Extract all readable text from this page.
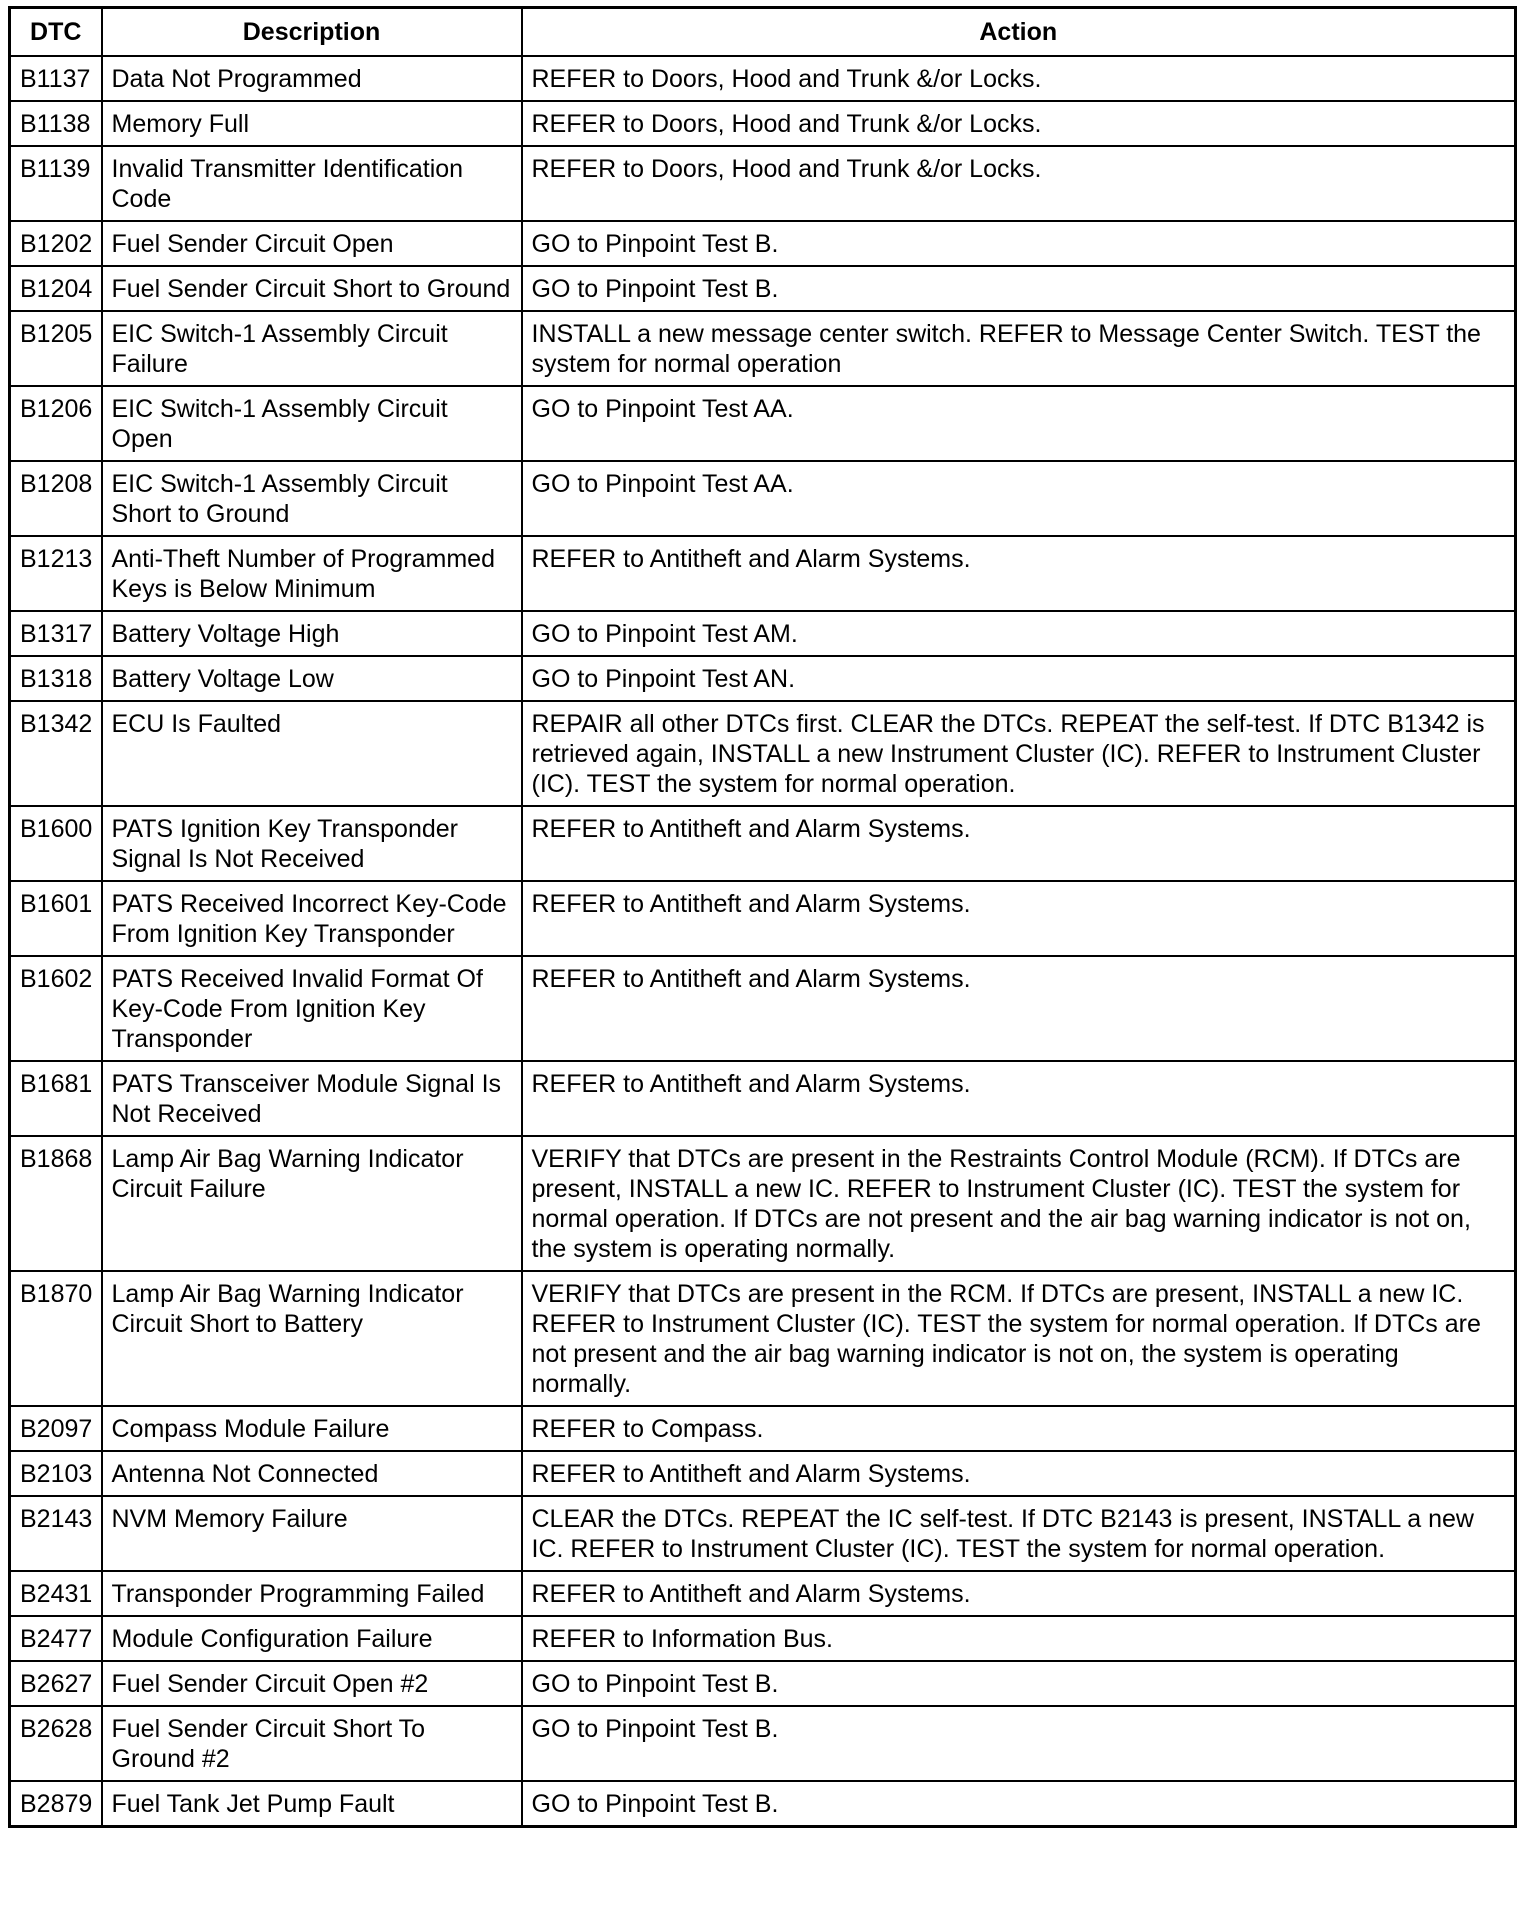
DTC	Description	Action
B1137	Data Not Programmed	REFER to Doors, Hood and Trunk &/or Locks.
B1138	Memory Full	REFER to Doors, Hood and Trunk &/or Locks.
B1139	Invalid Transmitter Identification Code	REFER to Doors, Hood and Trunk &/or Locks.
B1202	Fuel Sender Circuit Open	GO to Pinpoint Test B.
B1204	Fuel Sender Circuit Short to Ground	GO to Pinpoint Test B.
B1205	EIC Switch-1 Assembly Circuit Failure	INSTALL a new message center switch. REFER to Message Center Switch. TEST the system for normal operation
B1206	EIC Switch-1 Assembly Circuit Open	GO to Pinpoint Test AA.
B1208	EIC Switch-1 Assembly Circuit Short to Ground	GO to Pinpoint Test AA.
B1213	Anti-Theft Number of Programmed Keys is Below Minimum	REFER to Antitheft and Alarm Systems.
B1317	Battery Voltage High	GO to Pinpoint Test AM.
B1318	Battery Voltage Low	GO to Pinpoint Test AN.
B1342	ECU Is Faulted	REPAIR all other DTCs first. CLEAR the DTCs. REPEAT the self-test. If DTC B1342 is retrieved again, INSTALL a new Instrument Cluster (IC). REFER to Instrument Cluster (IC). TEST the system for normal operation.
B1600	PATS Ignition Key Transponder Signal Is Not Received	REFER to Antitheft and Alarm Systems.
B1601	PATS Received Incorrect Key-Code From Ignition Key Transponder	REFER to Antitheft and Alarm Systems.
B1602	PATS Received Invalid Format Of Key-Code From Ignition Key Transponder	REFER to Antitheft and Alarm Systems.
B1681	PATS Transceiver Module Signal Is Not Received	REFER to Antitheft and Alarm Systems.
B1868	Lamp Air Bag Warning Indicator Circuit Failure	VERIFY that DTCs are present in the Restraints Control Module (RCM). If DTCs are present, INSTALL a new IC. REFER to Instrument Cluster (IC). TEST the system for normal operation. If DTCs are not present and the air bag warning indicator is not on, the system is operating normally.
B1870	Lamp Air Bag Warning Indicator Circuit Short to Battery	VERIFY that DTCs are present in the RCM. If DTCs are present, INSTALL a new IC. REFER to Instrument Cluster (IC). TEST the system for normal operation. If DTCs are not present and the air bag warning indicator is not on, the system is operating normally.
B2097	Compass Module Failure	REFER to Compass.
B2103	Antenna Not Connected	REFER to Antitheft and Alarm Systems.
B2143	NVM Memory Failure	CLEAR the DTCs. REPEAT the IC self-test. If DTC B2143 is present, INSTALL a new IC. REFER to Instrument Cluster (IC). TEST the system for normal operation.
B2431	Transponder Programming Failed	REFER to Antitheft and Alarm Systems.
B2477	Module Configuration Failure	REFER to Information Bus.
B2627	Fuel Sender Circuit Open #2	GO to Pinpoint Test B.
B2628	Fuel Sender Circuit Short To Ground #2	GO to Pinpoint Test B.
B2879	Fuel Tank Jet Pump Fault	GO to Pinpoint Test B.
